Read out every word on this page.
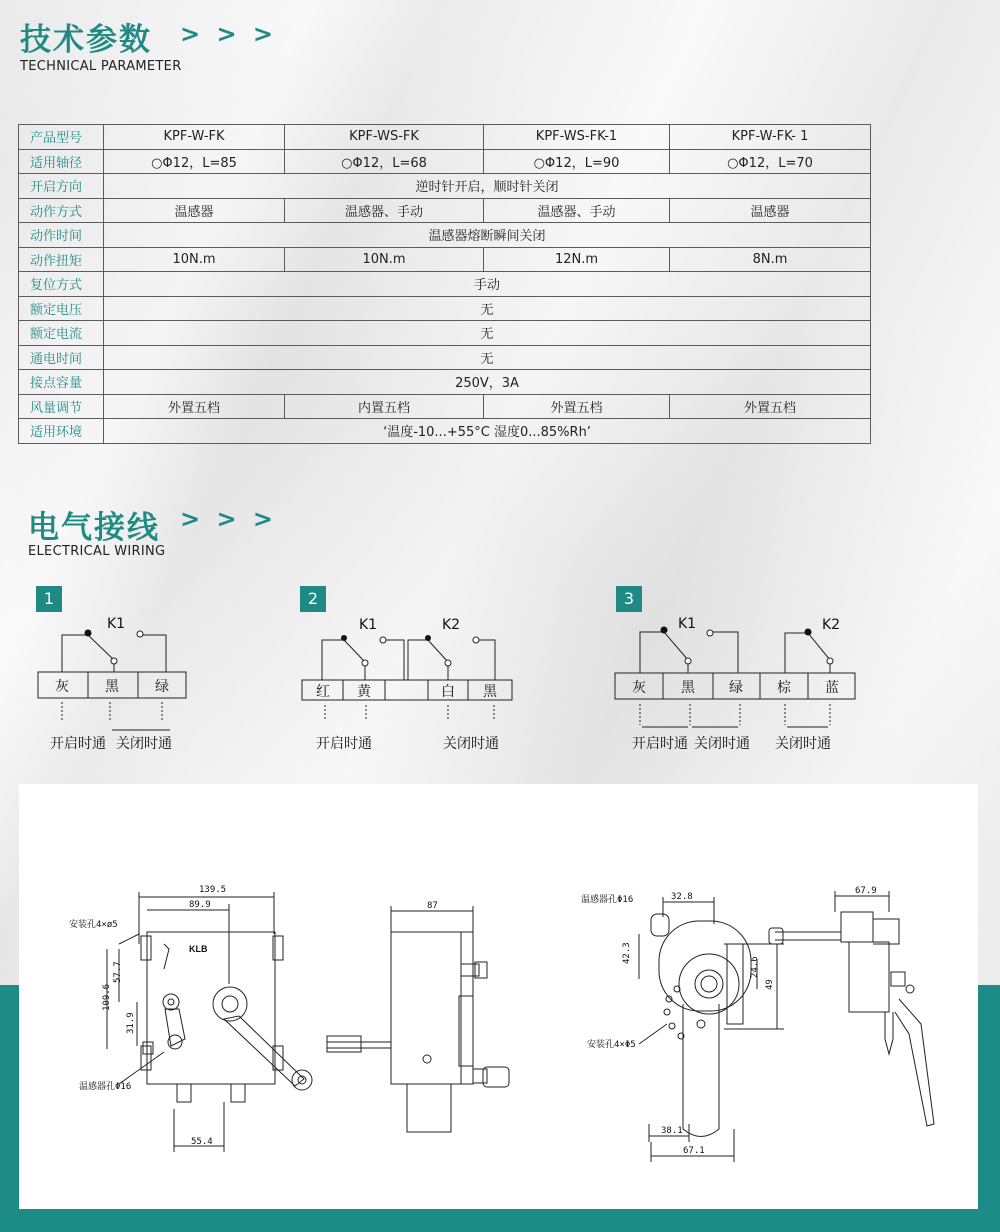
技术参数 > > >
TECHNICAL PARAMETER
产品型号	KPF-W-FK	KPF-WS-FK	KPF-WS-FK-1	KPF-W-FK- 1
适用轴径	○Φ12，L=85	○Φ12，L=68	○Φ12，L=90	○Φ12，L=70
开启方向	逆时针开启，顺时针关闭			
动作方式	温感器	温感器、手动	温感器、手动	温感器
动作时间	温感器熔断瞬间关闭			
动作扭矩	10N.m	10N.m	12N.m	8N.m
复位方式	手动			
额定电压	无			
额定电流	无			
通电时间	无			
接点容量	250V，3A			
风量调节	外置五档	内置五档	外置五档	外置五档
适用环境	‘温度-10...+55°C 湿度0...85%Rh’			
电气接线 > > >
ELECTRICAL WIRING
1
K1
灰	黑	绿
开启时通 关闭时通
2
K1	K2
红	黄	白	黑
开启时通	关闭时通
3
K1	K2
灰	黑	绿	棕	蓝
开启时通 关闭时通 关闭时通
KLB
139.5
89.9
109.6
57.7
31.9
55.4
安装孔4×ø5
温感器孔Φ16
87
温感器孔Φ16	32.8
42.3
24.6
49
安装孔4×Φ5
38.1
67.1
67.9
